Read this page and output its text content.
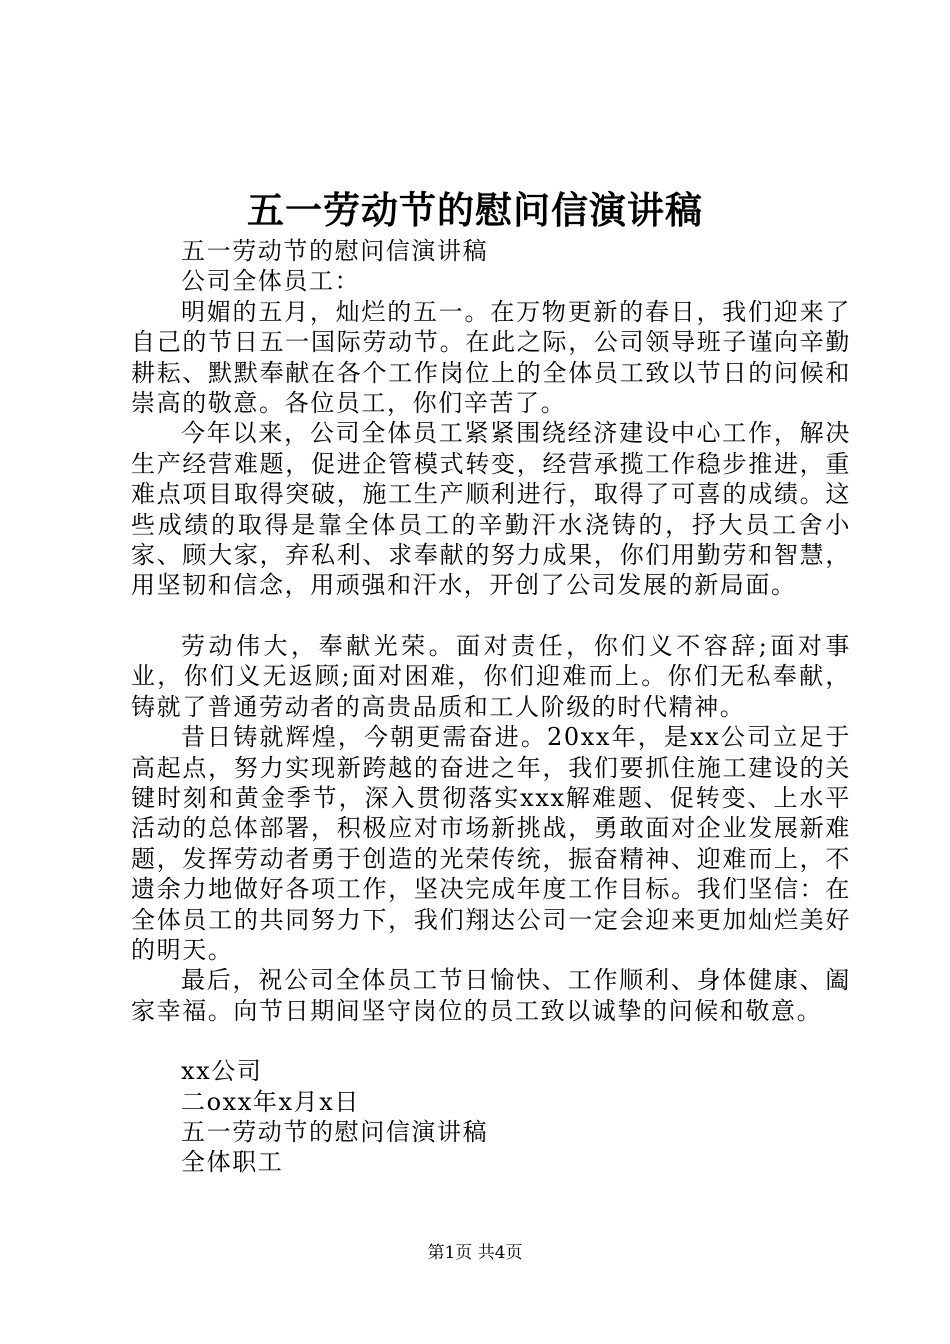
五一劳动节的慰问信演讲稿

五一劳动节的慰问信演讲稿

公司全体员工：

明媚的五月，灿烂的五一。在万物更新的春日，我们迎来了自己的节日五一国际劳动节。在此之际，公司领导班子谨向辛勤耕耘、默默奉献在各个工作岗位上的全体员工致以节日的问候和崇高的敬意。各位员工，你们辛苦了。

今年以来，公司全体员工紧紧围绕经济建设中心工作，解决生产经营难题，促进企管模式转变，经营承揽工作稳步推进，重难点项目取得突破，施工生产顺利进行，取得了可喜的成绩。这些成绩的取得是靠全体员工的辛勤汗水浇铸的，抒大员工舍小家、顾大家，弃私利、求奉献的努力成果，你们用勤劳和智慧，用坚韧和信念，用顽强和汗水，开创了公司发展的新局面。

劳动伟大，奉献光荣。面对责任，你们义不容辞;面对事业，你们义无返顾;面对困难，你们迎难而上。你们无私奉献，铸就了普通劳动者的高贵品质和工人阶级的时代精神。

昔日铸就辉煌，今朝更需奋进。20xx年，是xx公司立足于高起点，努力实现新跨越的奋进之年，我们要抓住施工建设的关键时刻和黄金季节，深入贯彻落实xxx解难题、促转变、上水平活动的总体部署，积极应对市场新挑战，勇敢面对企业发展新难题，发挥劳动者勇于创造的光荣传统，振奋精神、迎难而上，不遗余力地做好各项工作，坚决完成年度工作目标。我们坚信：在全体员工的共同努力下，我们翔达公司一定会迎来更加灿烂美好的明天。

最后，祝公司全体员工节日愉快、工作顺利、身体健康、阖家幸福。向节日期间坚守岗位的员工致以诚挚的问候和敬意。

xx公司

二oxx年x月x日

五一劳动节的慰问信演讲稿

全体职工

第1页 共4页
